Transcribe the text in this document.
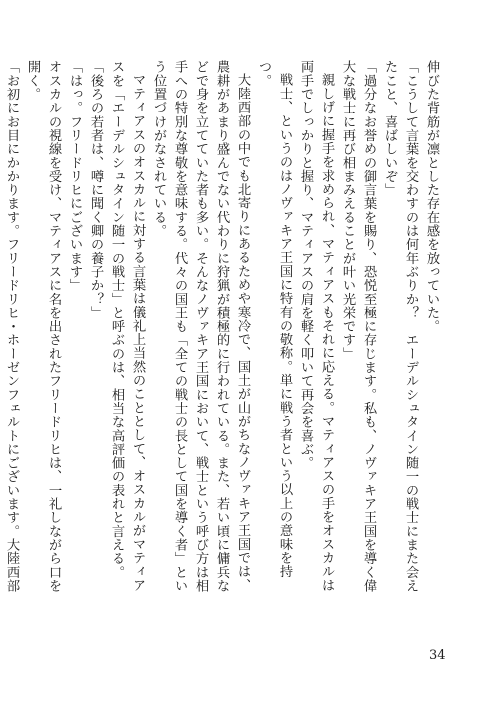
伸びた背筋が凛とした存在感を放っていた。

「こうして言葉を交わすのは何年ぶりか？　エーデルシュタイン随一の戦士にまた会えたこと、喜ばしいぞ」

「過分なお誉めの御言葉を賜り、恐悦至極に存じます。私も、ノヴァキア王国を導く偉大な戦士に再び相まみえることが叶い光栄です」

親しげに握手を求められ、マティアスもそれに応える。マティアスの手をオスカルは両手でしっかりと握り、マティアスの肩を軽く叩いて再会を喜ぶ。

戦士、というのはノヴァキア王国に特有の敬称。単に戦う者という以上の意味を持つ。

大陸西部の中でも北寄りにあるためや寒冷で、国土が山がちなノヴァキア王国では、農耕があまり盛んでない代わりに狩猟が積極的に行われている。また、若い頃に傭兵などで身を立てていた者も多い。そんなノヴァキア王国において、戦士という呼び方は相手への特別な尊敬を意味する。代々の国王も「全ての戦士の長として国を導く者」という位置づけがなされている。

マティアスのオスカルに対する言葉は儀礼上当然のこととして、オスカルがマティアスを「エーデルシュタイン随一の戦士」と呼ぶのは、相当な高評価の表れと言える。

「後ろの若者は、噂に聞く卿の養子か？」

「はっ。フリードリヒにございます」

オスカルの視線を受け、マティアスに名を出されたフリードリヒは、一礼しながら口を開く。

「お初にお目にかかります。フリードリヒ・ホーゼンフェルトにございます。大陸西部

34
